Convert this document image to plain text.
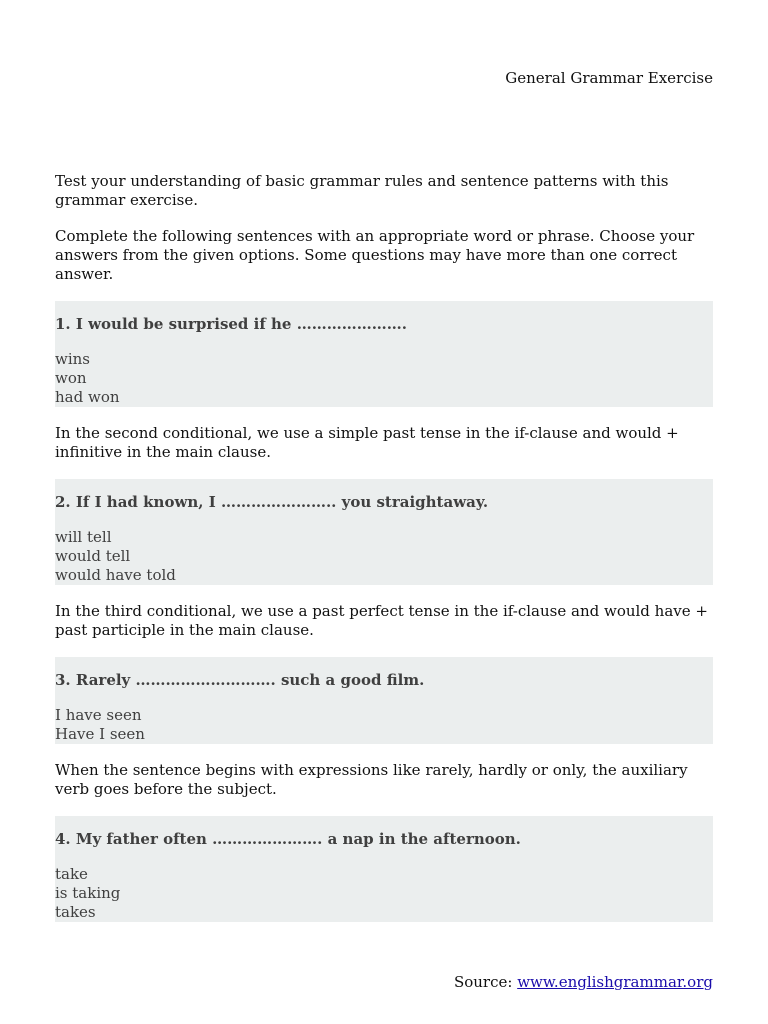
General Grammar Exercise

Test your understanding of basic grammar rules and sentence patterns with this grammar exercise.

Complete the following sentences with an appropriate word or phrase. Choose your answers from the given options. Some questions may have more than one correct answer.

1. I would be surprised if he ………………….

wins
won
had won

In the second conditional, we use a simple past tense in the if-clause and would + infinitive in the main clause.

2. If I had known, I ………………….. you straightaway.

will tell
would tell
would have told

In the third conditional, we use a past perfect tense in the if-clause and would have + past participle in the main clause.

3. Rarely ………………………. such a good film.

I have seen
Have I seen

When the sentence begins with expressions like rarely, hardly or only, the auxiliary verb goes before the subject.

4. My father often …………………. a nap in the afternoon.

take
is taking
takes

Source: www.englishgrammar.org
